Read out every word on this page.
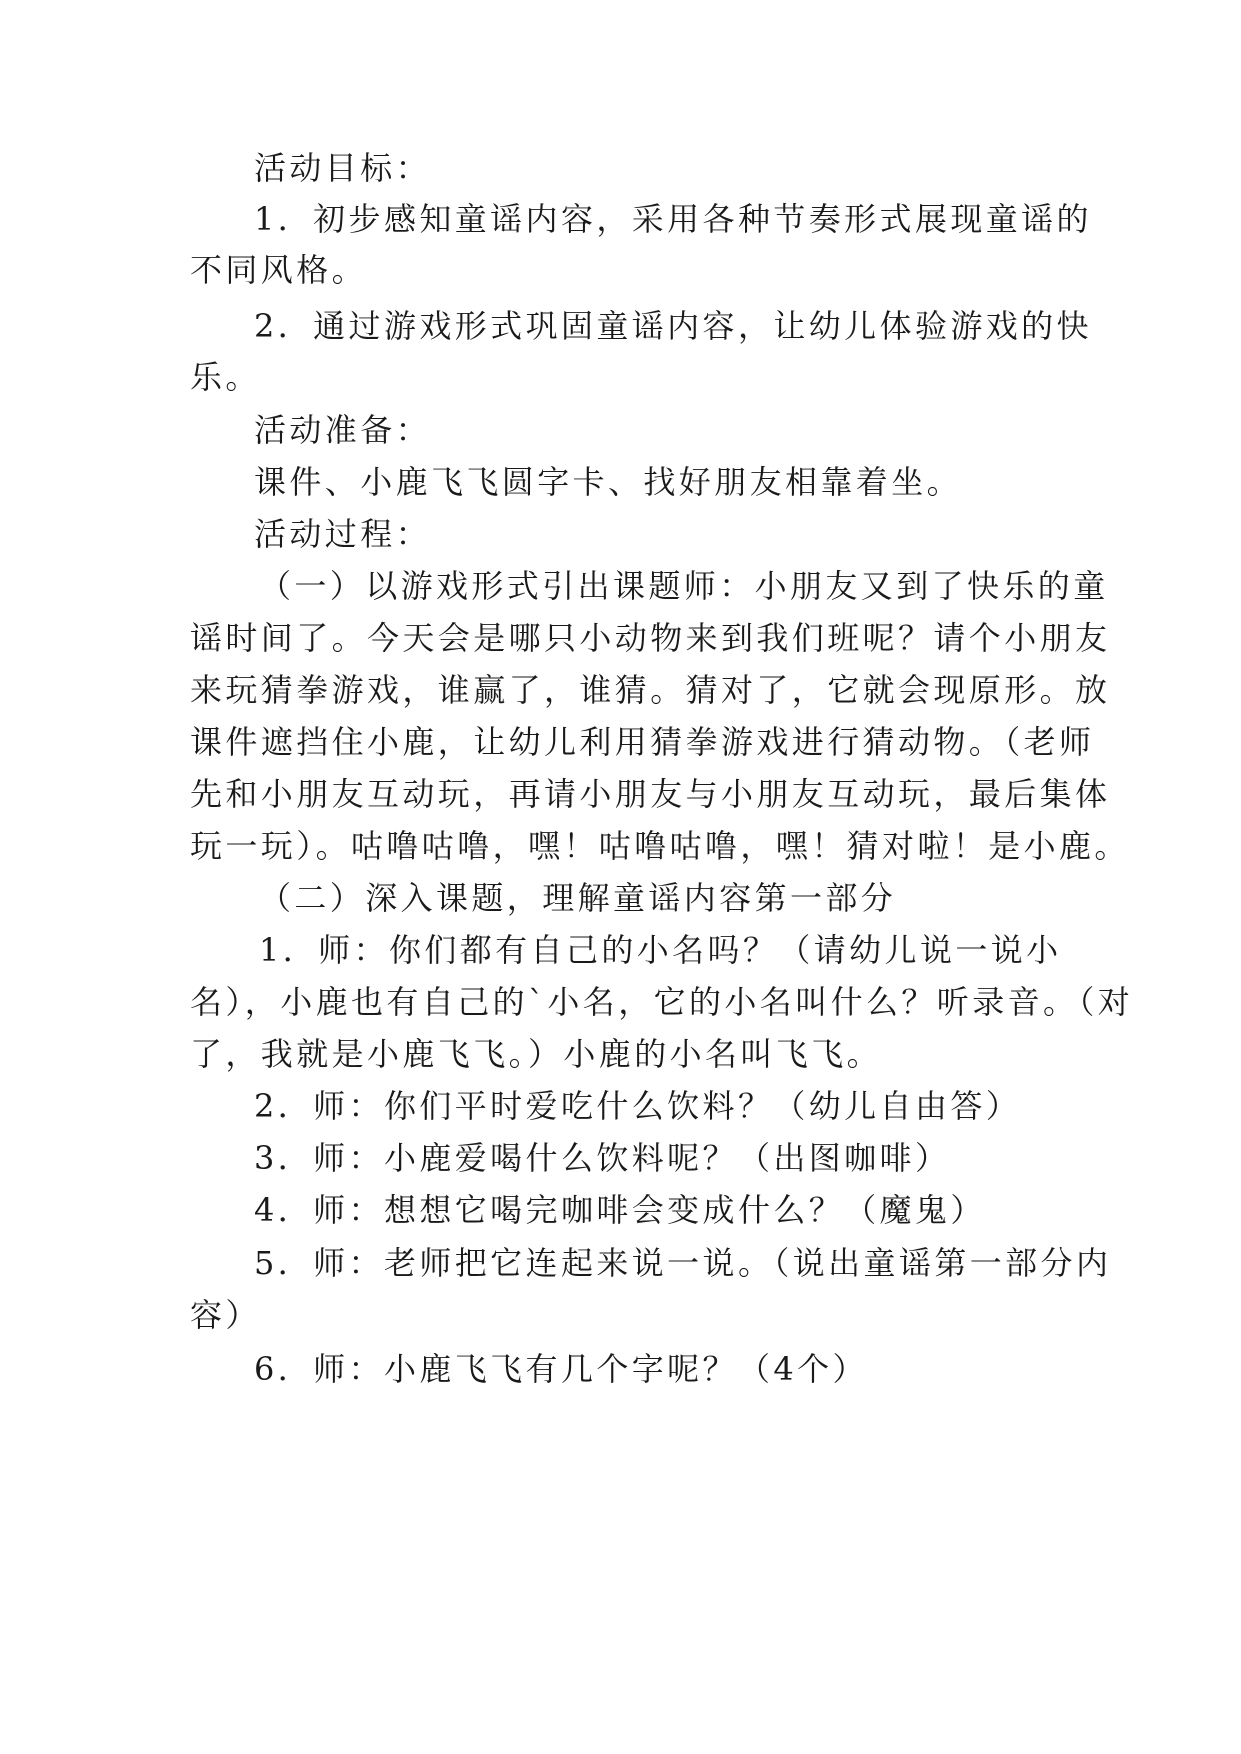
活动目标：
1．初步感知童谣内容，采用各种节奏形式展现童谣的
不同风格。
2．通过游戏形式巩固童谣内容，让幼儿体验游戏的快
乐。
活动准备：
课件、小鹿飞飞圆字卡、找好朋友相靠着坐。
活动过程：
（一）以游戏形式引出课题师：小朋友又到了快乐的童
谣时间了。今天会是哪只小动物来到我们班呢？请个小朋友
来玩猜拳游戏，谁赢了，谁猜。猜对了，它就会现原形。放
课件遮挡住小鹿，让幼儿利用猜拳游戏进行猜动物。（老师
先和小朋友互动玩，再请小朋友与小朋友互动玩，最后集体
玩一玩）。咕噜咕噜，嘿！咕噜咕噜，嘿！猜对啦！是小鹿。
（二）深入课题，理解童谣内容第一部分
1．师：你们都有自己的小名吗？（请幼儿说一说小
名），小鹿也有自己的`小名，它的小名叫什么？听录音。（对
了，我就是小鹿飞飞。）小鹿的小名叫飞飞。
2．师：你们平时爱吃什么饮料？（幼儿自由答）
3．师：小鹿爱喝什么饮料呢？（出图咖啡）
4．师：想想它喝完咖啡会变成什么？（魔鬼）
5．师：老师把它连起来说一说。（说出童谣第一部分内
容）
6．师：小鹿飞飞有几个字呢？（4个）
